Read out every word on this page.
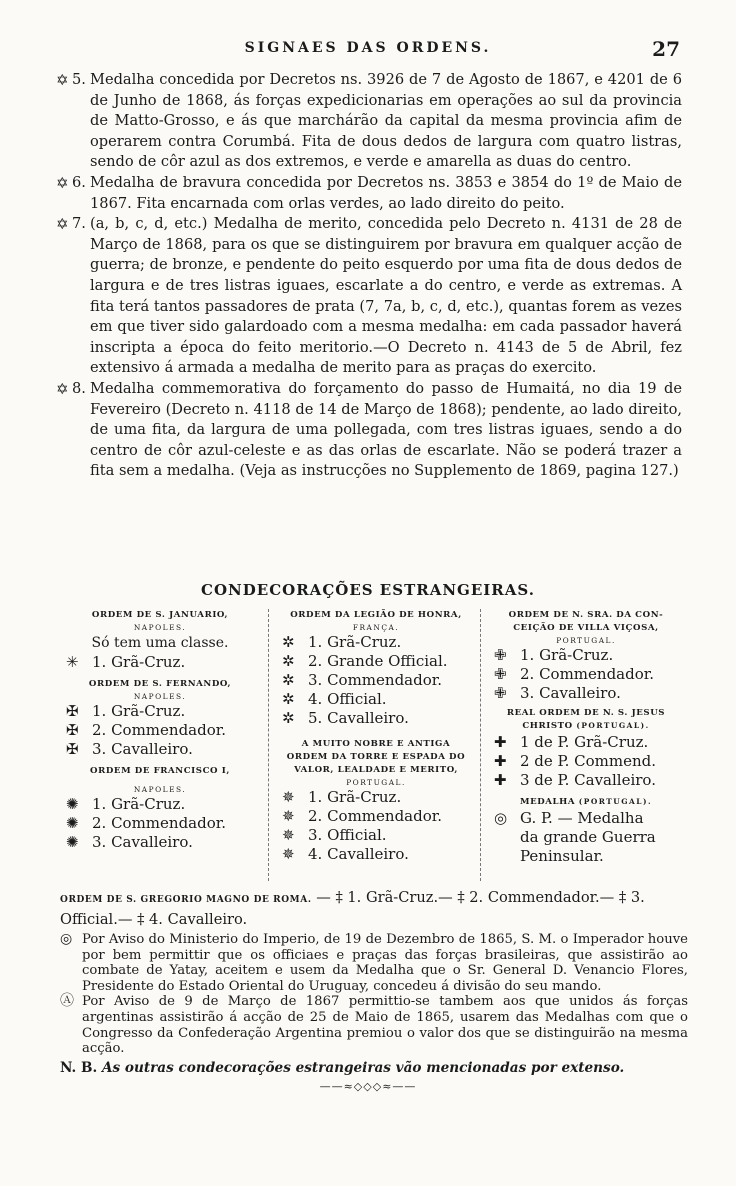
SIGNAES DAS ORDENS.	27
✡ 5. Medalha concedida por Decretos ns. 3926 de 7 de Agosto de 1867, e 4201 de 6 de Junho de 1868, ás forças expedicionarias em operações ao sul da provincia de Matto-Grosso, e ás que marchárão da capital da mesma provincia afim de operarem contra Corumbá. Fita de dous dedos de largura com quatro listras, sendo de côr azul as dos extremos, e verde e amarella as duas do centro.
✡ 6. Medalha de bravura concedida por Decretos ns. 3853 e 3854 do 1º de Maio de 1867. Fita encarnada com orlas verdes, ao lado direito do peito.
✡ 7. (a, b, c, d, etc.) Medalha de merito, concedida pelo Decreto n. 4131 de 28 de Março de 1868, para os que se distinguirem por bravura em qualquer acção de guerra; de bronze, e pendente do peito esquerdo por uma fita de dous dedos de largura e de tres listras iguaes, escarlate a do centro, e verde as extremas. A fita terá tantos passadores de prata (7, 7a, b, c, d, etc.), quantas forem as vezes em que tiver sido galardoado com a mesma medalha: em cada passador haverá inscripta a época do feito meritorio.—O Decreto n. 4143 de 5 de Abril, fez extensivo á armada a medalha de merito para as praças do exercito.
✡ 8. Medalha commemorativa do forçamento do passo de Humaitá, no dia 19 de Fevereiro (Decreto n. 4118 de 14 de Março de 1868); pendente, ao lado direito, de uma fita, da largura de uma pollegada, com tres listras iguaes, sendo a do centro de côr azul-celeste e as das orlas de escarlate. Não se poderá trazer a fita sem a medalha. (Veja as instrucções no Supplemento de 1869, pagina 127.)
CONDECORAÇÕES ESTRANGEIRAS.
ORDEM DE S. JANUARIO,
NAPOLES.
Só tem uma classe.
✳ 1. Grã-Cruz.
ORDEM DE S. FERNANDO,
NAPOLES.
✠ 1. Grã-Cruz.
✠ 2. Commendador.
✠ 3. Cavalleiro.
ORDEM DE FRANCISCO I,
NAPOLES.
✺ 1. Grã-Cruz.
✺ 2. Commendador.
✺ 3. Cavalleiro.
ORDEM DA LEGIÃO DE HONRA,
FRANÇA.
✲ 1. Grã-Cruz.
✲ 2. Grande Official.
✲ 3. Commendador.
✲ 4. Official.
✲ 5. Cavalleiro.
A MUITO NOBRE E ANTIGA
ORDEM DA TORRE E ESPADA DO
VALOR, LEALDADE E MERITO,
PORTUGAL.
✵ 1. Grã-Cruz.
✵ 2. Commendador.
✵ 3. Official.
✵ 4. Cavalleiro.
ORDEM DE N. SRA. DA CON-
CEIÇÃO DE VILLA VIÇOSA,
PORTUGAL.
✙ 1. Grã-Cruz.
✙ 2. Commendador.
✙ 3. Cavalleiro.
REAL ORDEM DE N. S. JESUS
CHRISTO (PORTUGAL).
✚ 1 de P. Grã-Cruz.
✚ 2 de P. Commend.
✚ 3 de P. Cavalleiro.
MEDALHA (PORTUGAL).
◎ G. P. — Medalha
da grande Guerra
Peninsular.
ORDEM DE S. GREGORIO MAGNO DE ROMA. — ‡ 1. Grã-Cruz.— ‡ 2. Commendador.— ‡ 3. Official.— ‡ 4. Cavalleiro.
◎ Por Aviso do Ministerio do Imperio, de 19 de Dezembro de 1865, S. M. o Imperador houve por bem permittir que os officiaes e praças das forças brasileiras, que assistirão ao combate de Yatay, aceitem e usem da Medalha que o Sr. General D. Venancio Flores, Presidente do Estado Oriental do Uruguay, concedeu á divisão do seu mando.
Ⓐ Por Aviso de 9 de Março de 1867 permittio-se tambem aos que unidos ás forças argentinas assistirão á acção de 25 de Maio de 1865, usarem das Medalhas com que o Congresso da Confederação Argentina premiou o valor dos que se distinguirão na mesma acção.
N. B. As outras condecorações estrangeiras vão mencionadas por extenso.
——≈◇◇◇≈——
